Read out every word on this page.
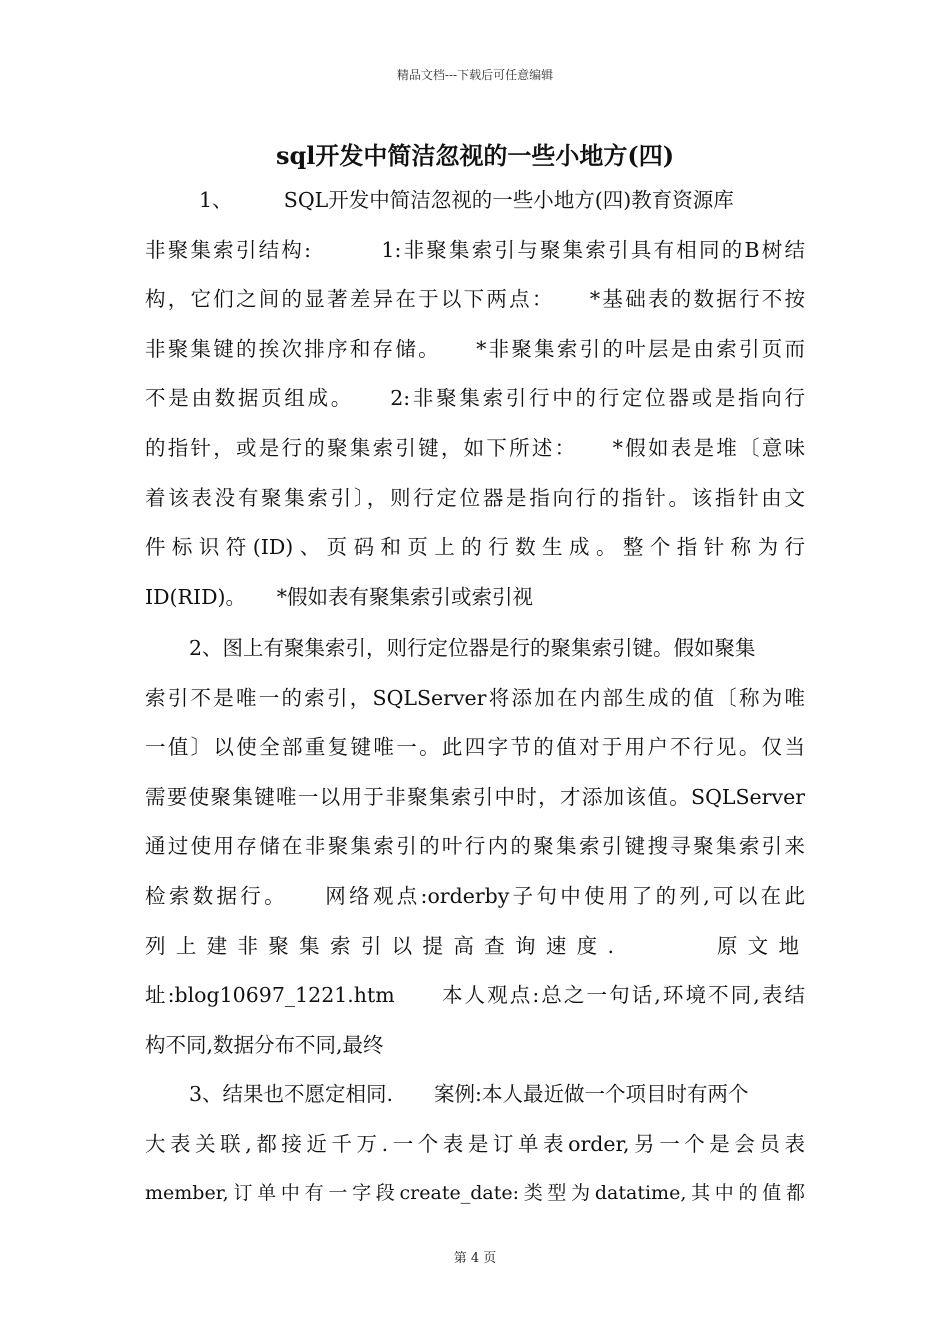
精品文档---下载后可任意编辑
sql开发中简洁忽视的一些小地方(四)
1、　　　SQL开发中简洁忽视的一些小地方(四)教育资源库
非聚集索引结构:　　　1:非聚集索引与聚集索引具有相同的B树结
构，它们之间的显著差异在于以下两点：　　*基础表的数据行不按
非聚集键的挨次排序和存储。　　*非聚集索引的叶层是由索引页而
不是由数据页组成。　　2:非聚集索引行中的行定位器或是指向行
的指针，或是行的聚集索引键，如下所述：　　*假如表是堆〔意味
着该表没有聚集索引〕，则行定位器是指向行的指针。该指针由文
件标识符(ID)、页码和页上的行数生成。整个指针称为行
ID(RID)。　　*假如表有聚集索引或索引视
2、图上有聚集索引，则行定位器是行的聚集索引键。假如聚集
索引不是唯一的索引，SQLServer将添加在内部生成的值〔称为唯
一值〕以使全部重复键唯一。此四字节的值对于用户不行见。仅当
需要使聚集键唯一以用于非聚集索引中时，才添加该值。SQLServer
通过使用存储在非聚集索引的叶行内的聚集索引键搜寻聚集索引来
检索数据行。　　网络观点:orderby子句中使用了的列,可以在此
列上建非聚集索引以提高查询速度.　　　原文地
址:blog10697_1221.htm　　本人观点:总之一句话,环境不同,表结
构不同,数据分布不同,最终
3、结果也不愿定相同.　　案例:本人最近做一个项目时有两个
大表关联,都接近千万.一个表是订单表order,另一个是会员表
member,订单中有一字段create_date:类型为datatime,其中的值都
第 4 页
